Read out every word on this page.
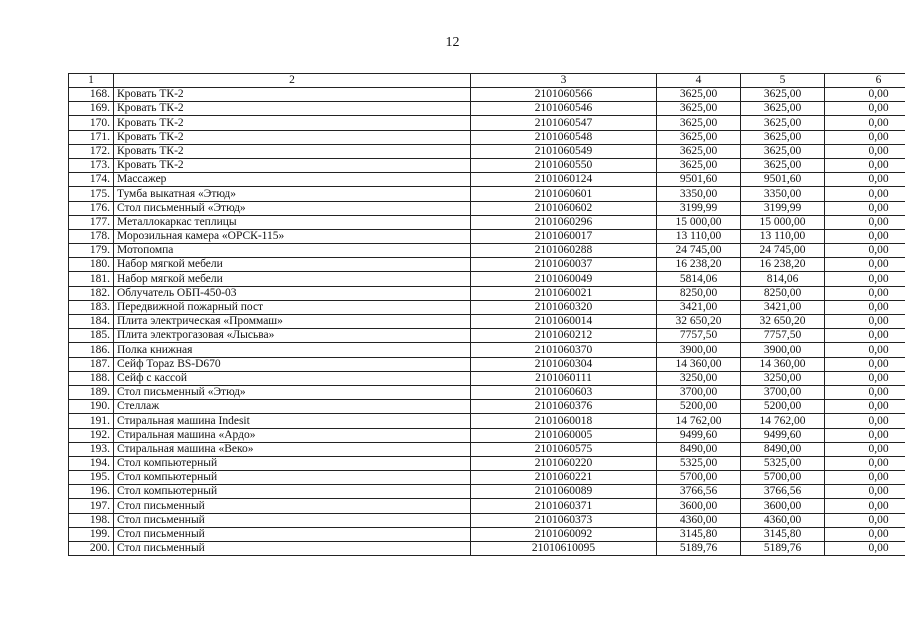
12
1	2	3	4	5	6
168.	Кровать ТК-2	2101060566	3625,00	3625,00	0,00
169.	Кровать ТК-2	2101060546	3625,00	3625,00	0,00
170.	Кровать ТК-2	2101060547	3625,00	3625,00	0,00
171.	Кровать ТК-2	2101060548	3625,00	3625,00	0,00
172.	Кровать ТК-2	2101060549	3625,00	3625,00	0,00
173.	Кровать ТК-2	2101060550	3625,00	3625,00	0,00
174.	Массажер	2101060124	9501,60	9501,60	0,00
175.	Тумба выкатная «Этюд»	2101060601	3350,00	3350,00	0,00
176.	Стол письменный «Этюд»	2101060602	3199,99	3199,99	0,00
177.	Металлокаркас теплицы	2101060296	15 000,00	15 000,00	0,00
178.	Морозильная камера «ОРСК-115»	2101060017	13 110,00	13 110,00	0,00
179.	Мотопомпа	2101060288	24 745,00	24 745,00	0,00
180.	Набор мягкой мебели	2101060037	16 238,20	16 238,20	0,00
181.	Набор мягкой мебели	2101060049	5814,06	814,06	0,00
182.	Облучатель ОБП-450-03	2101060021	8250,00	8250,00	0,00
183.	Передвижной пожарный пост	2101060320	3421,00	3421,00	0,00
184.	Плита электрическая «Проммаш»	2101060014	32 650,20	32 650,20	0,00
185.	Плита электрогазовая «Лысьва»	2101060212	7757,50	7757,50	0,00
186.	Полка книжная	2101060370	3900,00	3900,00	0,00
187.	Сейф Topaz BS-D670	2101060304	14 360,00	14 360,00	0,00
188.	Сейф с кассой	2101060111	3250,00	3250,00	0,00
189.	Стол письменный «Этюд»	2101060603	3700,00	3700,00	0,00
190.	Стеллаж	2101060376	5200,00	5200,00	0,00
191.	Стиральная машина Indesit	2101060018	14 762,00	14 762,00	0,00
192.	Стиральная машина «Ардо»	2101060005	9499,60	9499,60	0,00
193.	Стиральная машина «Веко»	2101060575	8490,00	8490,00	0,00
194.	Стол компьютерный	2101060220	5325,00	5325,00	0,00
195.	Стол компьютерный	2101060221	5700,00	5700,00	0,00
196.	Стол компьютерный	2101060089	3766,56	3766,56	0,00
197.	Стол письменный	2101060371	3600,00	3600,00	0,00
198.	Стол письменный	2101060373	4360,00	4360,00	0,00
199.	Стол письменный	2101060092	3145,80	3145,80	0,00
200.	Стол письменный	21010610095	5189,76	5189,76	0,00
